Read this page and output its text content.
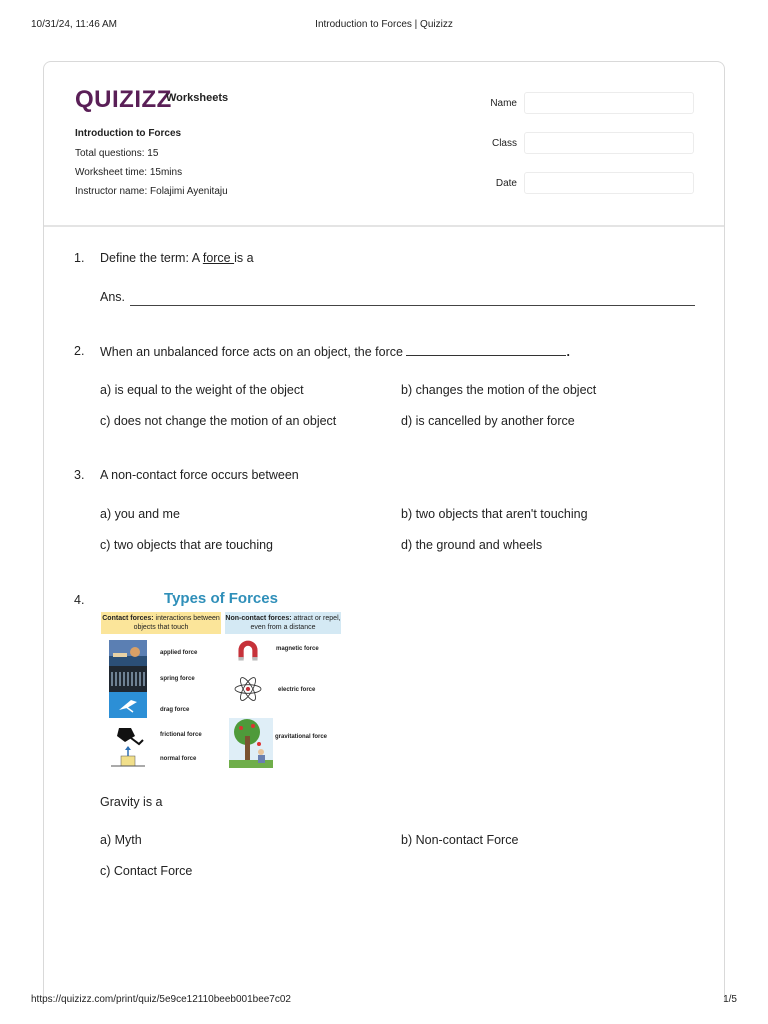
10/31/24, 11:46 AM	Introduction to Forces | Quizizz
QUIZIZZ
Worksheets
Introduction to Forces
Total questions: 15
Worksheet time: 15mins
Instructor name: Folajimi Ayenitaju
Name
Class
Date
1. Define the term: A force is a
Ans.
2. When an unbalanced force acts on an object, the force	.
a) is equal to the weight of the object	b) changes the motion of the object
c) does not change the motion of an object	d) is cancelled by another force
3. A non-contact force occurs between
a) you and me	b) two objects that aren't touching
c) two objects that are touching	d) the ground and wheels
4.	Types of Forces
Contact forces: interactions between objects that touch
Non-contact forces: attract or repel, even from a distance
applied force
spring force
drag force
frictional force
normal force
magnetic force
electric force
gravitational force
Gravity is a
a) Myth	b) Non-contact Force
c) Contact Force
https://quizizz.com/print/quiz/5e9ce12110beeb001bee7c02	1/5
